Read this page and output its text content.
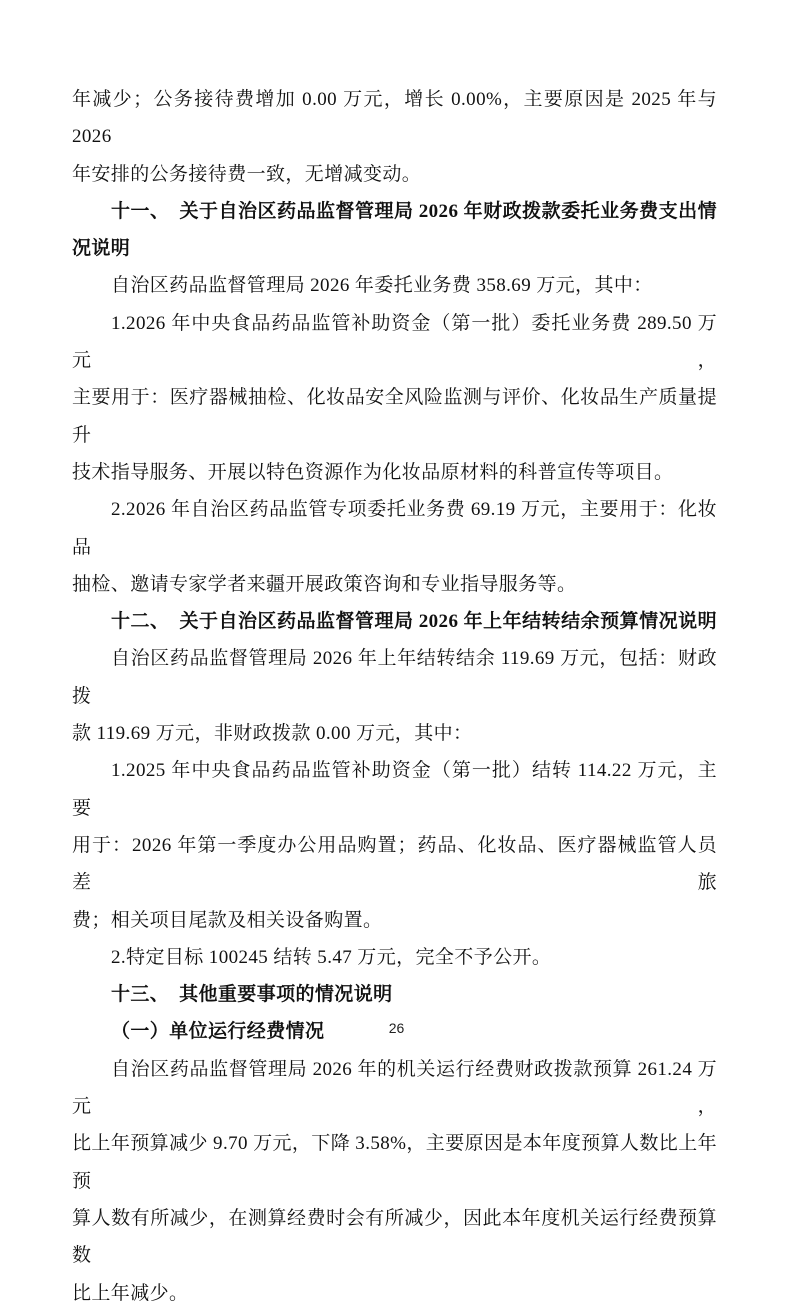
年减少；公务接待费增加 0.00 万元，增长 0.00%，主要原因是 2025 年与 2026
年安排的公务接待费一致，无增减变动。
十一、　关于自治区药品监督管理局 2026 年财政拨款委托业务费支出情
况说明
自治区药品监督管理局 2026 年委托业务费 358.69 万元，其中：
1.2026 年中央食品药品监管补助资金（第一批）委托业务费 289.50 万元，
主要用于：医疗器械抽检、化妆品安全风险监测与评价、化妆品生产质量提升
技术指导服务、开展以特色资源作为化妆品原材料的科普宣传等项目。
2.2026 年自治区药品监管专项委托业务费 69.19 万元，主要用于：化妆品
抽检、邀请专家学者来疆开展政策咨询和专业指导服务等。
十二、　关于自治区药品监督管理局 2026 年上年结转结余预算情况说明
自治区药品监督管理局 2026 年上年结转结余 119.69 万元，包括：财政拨
款 119.69 万元，非财政拨款 0.00 万元，其中：
1.2025 年中央食品药品监管补助资金（第一批）结转 114.22 万元，主要
用于：2026 年第一季度办公用品购置；药品、化妆品、医疗器械监管人员差旅
费；相关项目尾款及相关设备购置。
2.特定目标 100245 结转 5.47 万元，完全不予公开。
十三、　其他重要事项的情况说明
（一）单位运行经费情况
自治区药品监督管理局 2026 年的机关运行经费财政拨款预算 261.24 万元，
比上年预算减少 9.70 万元，下降 3.58%，主要原因是本年度预算人数比上年预
算人数有所减少，在测算经费时会有所减少，因此本年度机关运行经费预算数
比上年减少。
26
